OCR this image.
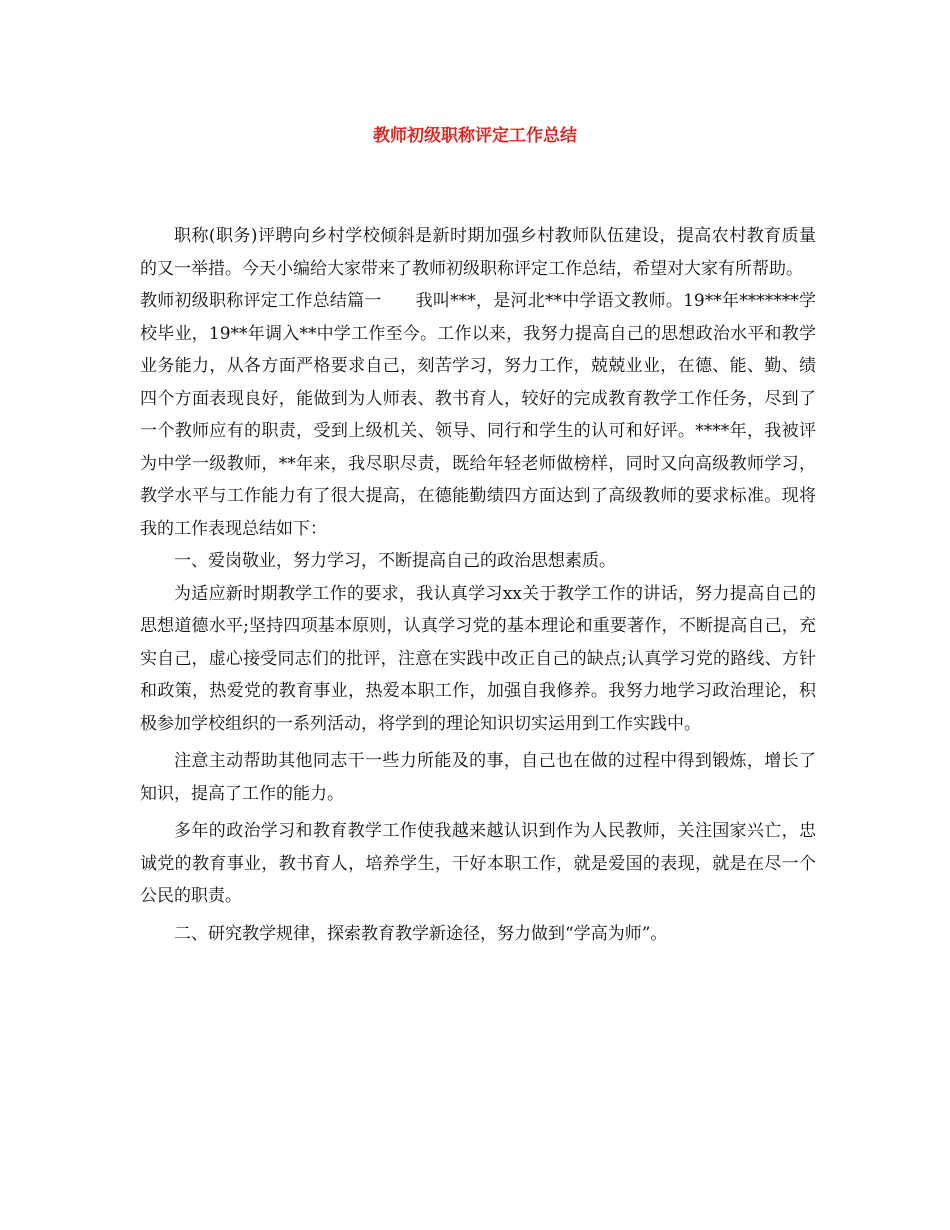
教师初级职称评定工作总结

职称(职务)评聘向乡村学校倾斜是新时期加强乡村教师队伍建设，提高农村教育质量的又一举措。今天小编给大家带来了教师初级职称评定工作总结，希望对大家有所帮助。

教师初级职称评定工作总结篇一      我叫***，是河北**中学语文教师。19**年*******学校毕业，19**年调入**中学工作至今。工作以来，我努力提高自己的思想政治水平和教学业务能力，从各方面严格要求自己，刻苦学习，努力工作，兢兢业业，在德、能、勤、绩四个方面表现良好，能做到为人师表、教书育人，较好的完成教育教学工作任务，尽到了一个教师应有的职责，受到上级机关、领导、同行和学生的认可和好评。****年，我被评为中学一级教师，**年来，我尽职尽责，既给年轻老师做榜样，同时又向高级教师学习，教学水平与工作能力有了很大提高，在德能勤绩四方面达到了高级教师的要求标准。现将我的工作表现总结如下：

一、爱岗敬业，努力学习，不断提高自己的政治思想素质。

为适应新时期教学工作的要求，我认真学习xx关于教学工作的讲话，努力提高自己的思想道德水平;坚持四项基本原则，认真学习党的基本理论和重要著作，不断提高自己，充实自己，虚心接受同志们的批评，注意在实践中改正自己的缺点;认真学习党的路线、方针和政策，热爱党的教育事业，热爱本职工作，加强自我修养。我努力地学习政治理论，积极参加学校组织的一系列活动，将学到的理论知识切实运用到工作实践中。

注意主动帮助其他同志干一些力所能及的事，自己也在做的过程中得到锻炼，增长了知识，提高了工作的能力。

多年的政治学习和教育教学工作使我越来越认识到作为人民教师，关注国家兴亡，忠诚党的教育事业，教书育人，培养学生，干好本职工作，就是爱国的表现，就是在尽一个公民的职责。

二、研究教学规律，探索教育教学新途径，努力做到“学高为师”。
